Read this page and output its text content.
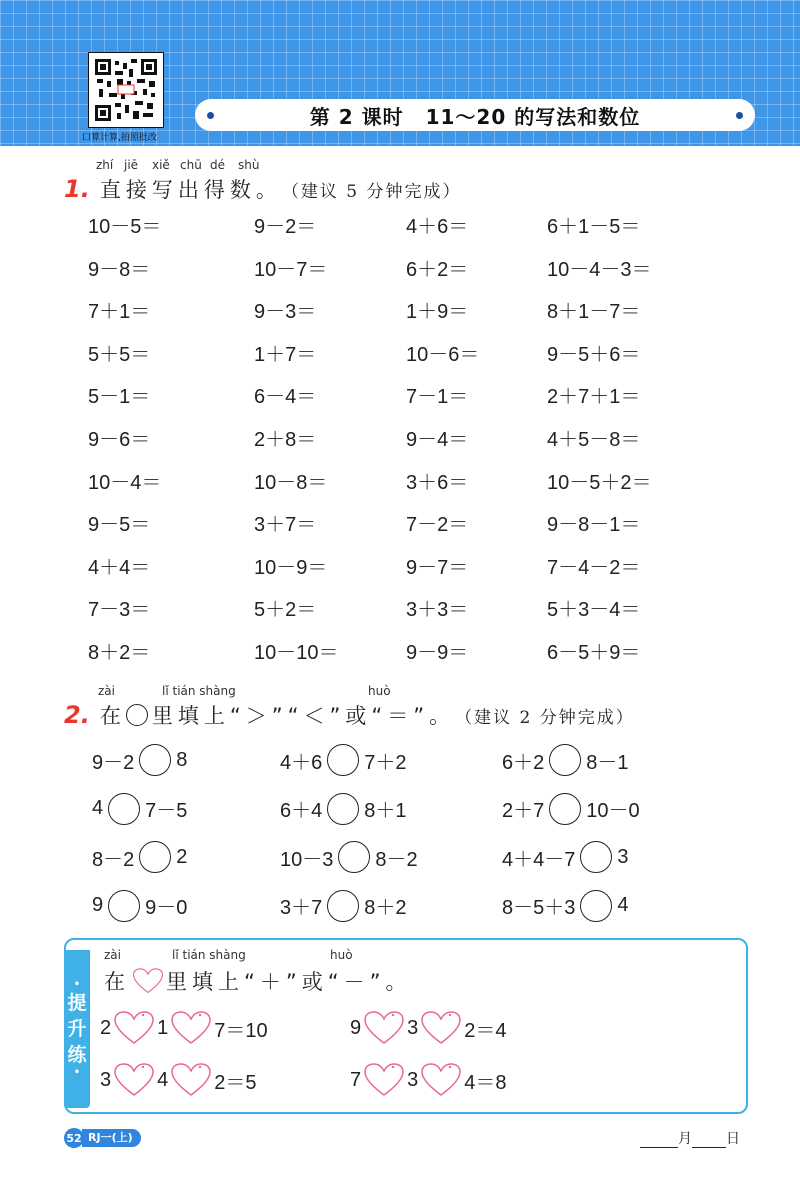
口算计算,拍照批改
第 2 课时 11～20 的写法和数位
zhí jiē xiě chū dé shù
1. 直接写出得数。 （建议 5 分钟完成）
10－5＝	9－2＝	4＋6＝	6＋1－5＝
9－8＝	10－7＝	6＋2＝	10－4－3＝
7＋1＝	9－3＝	1＋9＝	8＋1－7＝
5＋5＝	1＋7＝	10－6＝	9－5＋6＝
5－1＝	6－4＝	7－1＝	2＋7＋1＝
9－6＝	2＋8＝	9－4＝	4＋5－8＝
10－4＝	10－8＝	3＋6＝	10－5＋2＝
9－5＝	3＋7＝	7－2＝	9－8－1＝
4＋4＝	10－9＝	9－7＝	7－4－2＝
7－3＝	5＋2＝	3＋3＝	5＋3－4＝
8＋2＝	10－10＝	9－9＝	6－5＋9＝
zài	lǐ tián shàng	huò
2. 在 里填上“＞”“＜”或“＝”。 （建议 2 分钟完成）
9－2 8	4＋6 7＋2	6＋2 8－1
4 7－5	6＋4 8＋1	2＋7 10－0
8－2 2	10－3 8－2	4＋4－7 3
9 9－0	3＋7 8＋2	8－5＋3 4
•
提
升
练
•
zài	lǐ tián shàng	huò
在 里填上“＋”或“－”。
2 1 7＝10	9 3 2＝4
3 4 2＝5	7 3 4＝8
52 RJ一(上)	月 日
